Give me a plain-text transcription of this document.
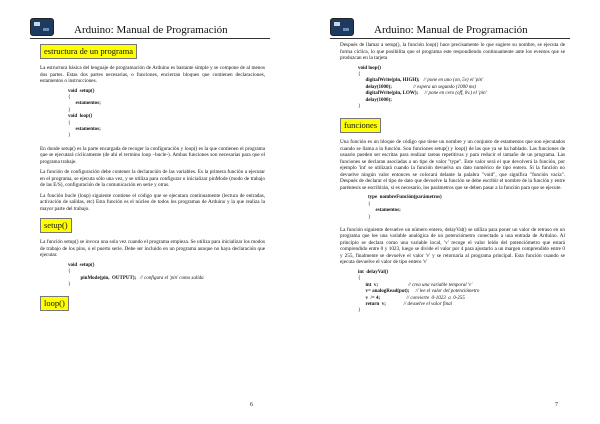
Arduino: Manual de Programación
estructura de un programa

La estructura básica del lenguaje de programación de Arduino es bastante simple y se compone de al menos dos partes. Estas dos partes necesarias, o funciones, encierran bloques que contienen declaraciones, estamentos o instrucciones.

void  setup()
{
estamentos;
}
void  loop()
{
estamentos;
}

En donde setup() es la parte encargada de recoger la configuración y loop() es la que contienen el programa que se ejecutará cíclicamente (de ahí el termino loop –bucle-). Ambas funciones son necesarias para que el programa trabaje.

La función de configuración debe contener la declaración de las variables. Es la primera función a ejecutar en el programa, se ejecuta sólo una vez, y se utiliza para configurar o inicializar pinMode (modo de trabajo de las E/S), configuración de la comunicación en serie y otras.

La función bucle (loop) siguiente contiene el código que se ejecutara continuamente (lectura de entradas, activación de salidas, etc) Esta función es el núcleo de todos los programas de Arduino y la que realiza la mayor parte del trabajo.

setup()

La función setup() se invoca una sola vez cuando el programa empieza. Se utiliza para inicializar los modos de trabajo de los pins, o el puerto serie. Debe ser incluido en un programa aunque no haya declaración que ejecutar.

void  setup()
{
pinMode(pin,  OUTPUT); // configura el 'pin' como salida
}
loop()
6
Arduino: Manual de Programación

Después de llamar a setup(), la función loop() hace precisamente lo que sugiere su nombre, se ejecuta de forma cíclica, lo que posibilita que el programa este respondiendo continuamente ante los eventos que se produzcan en la tarjeta

void loop()
{
digitalWrite(pin, HIGH); // pone en uno (on, 5v) el 'pin'
delay(1000);	// espera un segundo (1000 ms)
digitalWrite(pin, LOW); // pone en cero (off, 0v.) el 'pin'
delay(1000);
}
funciones

Una función es un bloque de código que tiene un nombre y un conjunto de estamentos que son ejecutados cuando se llama a la función. Son funciones setup() y loop() de las que ya se ha hablado. Las funciones de usuario pueden ser escritas para realizar tareas repetitivas y para reducir el tamaño de un programa. Las funciones se declaran asociadas a un tipo de valor "type". Este valor será el que devolverá la función, por ejemplo 'int' se utilizará cuando la función devuelva un dato numérico de tipo entero. Si la función no devuelve ningún valor entonces se colocará delante la palabra "void", que significa "función vacía". Después de declarar el tipo de dato que devuelve la función se debe escribir el nombre de la función y entre paréntesis se escribirán, si es necesario, los parámetros que se deben pasar a la función para que se ejecute.

type  nombreFunción(parámetros)
{
estamentos;
}

La función siguiente devuelve un número entero, delayVal() se utiliza para poner un valor de retraso en un programa que lee una variable analógica de un potenciómetro conectado a una entrada de Arduino. Al principio se declara como una variable local, 'v' recoge el valor leído del potenciómetro que estará comprendido entre 0 y 1023, luego se divide el valor por 4 para ajustarlo a un margen comprendido entre 0 y 255, finalmente se devuelve el valor 'v' y se retornaría al programa principal. Esta función cuando se ejecuta devuelve el valor de tipo entero 'v'

int  delayVal()
{
int  v;	// crea una variable temporal 'v'
v= analogRead(pot); // lee el valor del potenciómetro
v  /= 4;	// convierte  0-1023  a  0-255
return  v;	// devuelve el valor final
}
7
